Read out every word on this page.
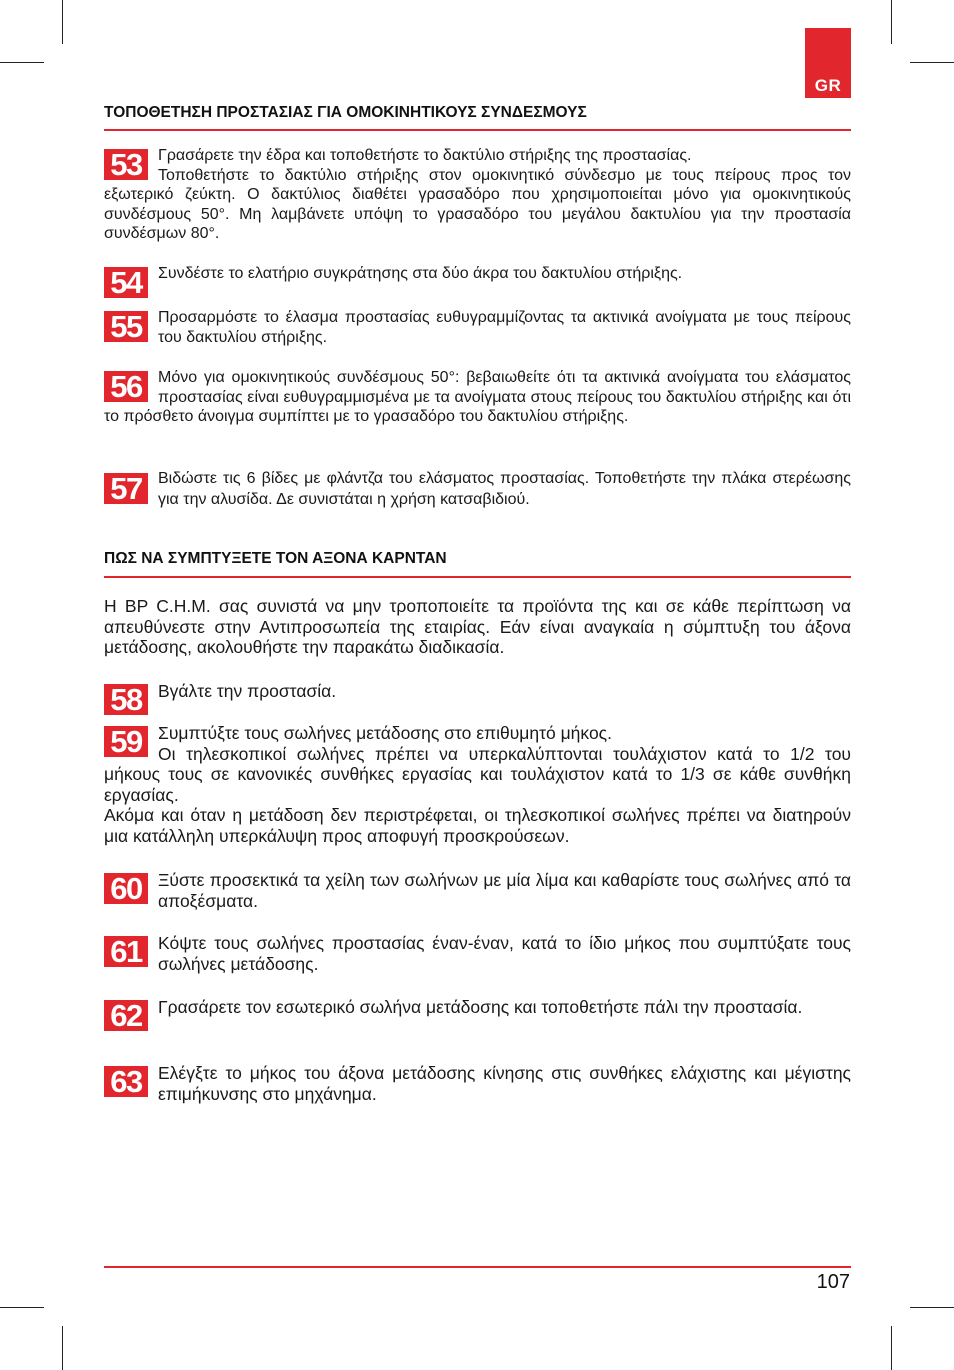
GR
ΤΟΠΟΘΕΤΗΣΗ ΠΡΟΣΤΑΣΙΑΣ ΓΙΑ ΟΜΟΚΙΝΗΤΙΚΟΥΣ ΣΥΝΔΕΣΜΟΥΣ
53	Γρασάρετε την έδρα και τοποθετήστε το δακτύλιο στήριξης της προστασίας.

Τοποθετήστε το δακτύλιο στήριξης στον ομοκινητικό σύνδεσμο με τους πείρους προς τον εξωτερικό ζεύκτη. Ο δακτύλιος διαθέτει γρασαδόρο που χρησιμοποιείται μόνο για ομοκινητικούς συνδέσμους 50°. Μη λαμβάνετε υπόψη το γρασαδόρο του μεγάλου δακτυλίου για την προστασία συνδέσμων 80°.

54	Συνδέστε το ελατήριο συγκράτησης στα δύο άκρα του δακτυλίου στήριξης.

55	Προσαρμόστε το έλασμα προστασίας ευθυγραμμίζοντας τα ακτινικά ανοίγματα με τους πείρους του δακτυλίου στήριξης.

56	Μόνο για ομοκινητικούς συνδέσμους 50°: βεβαιωθείτε ότι τα ακτινικά ανοίγματα του ελάσματος προστασίας είναι ευθυγραμμισμένα με τα ανοίγματα στους πείρους του δακτυλίου στήριξης και ότι το πρόσθετο άνοιγμα συμπίπτει με το γρασαδόρο του δακτυλίου στήριξης.

57	Βιδώστε τις 6 βίδες με φλάντζα του ελάσματος προστασίας. Τοποθετήστε την πλάκα στερέωσης για την αλυσίδα. Δε συνιστάται η χρήση κατσαβιδιού.

ΠΩΣ ΝΑ ΣΥΜΠΤΥΞΕΤΕ ΤΟΝ ΑΞΟΝΑ ΚΑΡΝΤΑΝ
Η BP C.H.M. σας συνιστά να μην τροποποιείτε τα προϊόντα της και σε κάθε περίπτωση να απευθύνεστε στην Αντιπροσωπεία της εταιρίας. Εάν είναι αναγκαία η σύμπτυξη του άξονα μετάδοσης, ακολουθήστε την παρακάτω διαδικασία.
58 Βγάλτε την προστασία.

59 Συμπτύξτε τους σωλήνες μετάδοσης στο επιθυμητό μήκος.

Οι τηλεσκοπικοί σωλήνες πρέπει να υπερκαλύπτονται τουλάχιστον κατά το 1/2 του μήκους τους σε κανονικές συνθήκες εργασίας και τουλάχιστον κατά το 1/3 σε κάθε συνθήκη εργασίας.

Ακόμα και όταν η μετάδοση δεν περιστρέφεται, οι τηλεσκοπικοί σωλήνες πρέπει να διατηρούν μια κατάλληλη υπερκάλυψη προς αποφυγή προσκρούσεων.

60 Ξύστε προσεκτικά τα χείλη των σωλήνων με μία λίμα και καθαρίστε τους σωλήνες από τα αποξέσματα.

61 Κόψτε τους σωλήνες προστασίας έναν-έναν, κατά το ίδιο μήκος που συμπτύξατε τους σωλήνες μετάδοσης.

62 Γρασάρετε τον εσωτερικό σωλήνα μετάδοσης και τοποθετήστε πάλι την προστασία.

63 Ελέγξτε το μήκος του άξονα μετάδοσης κίνησης στις συνθήκες ελάχιστης και μέγιστης επιμήκυνσης στο μηχάνημα.

107
